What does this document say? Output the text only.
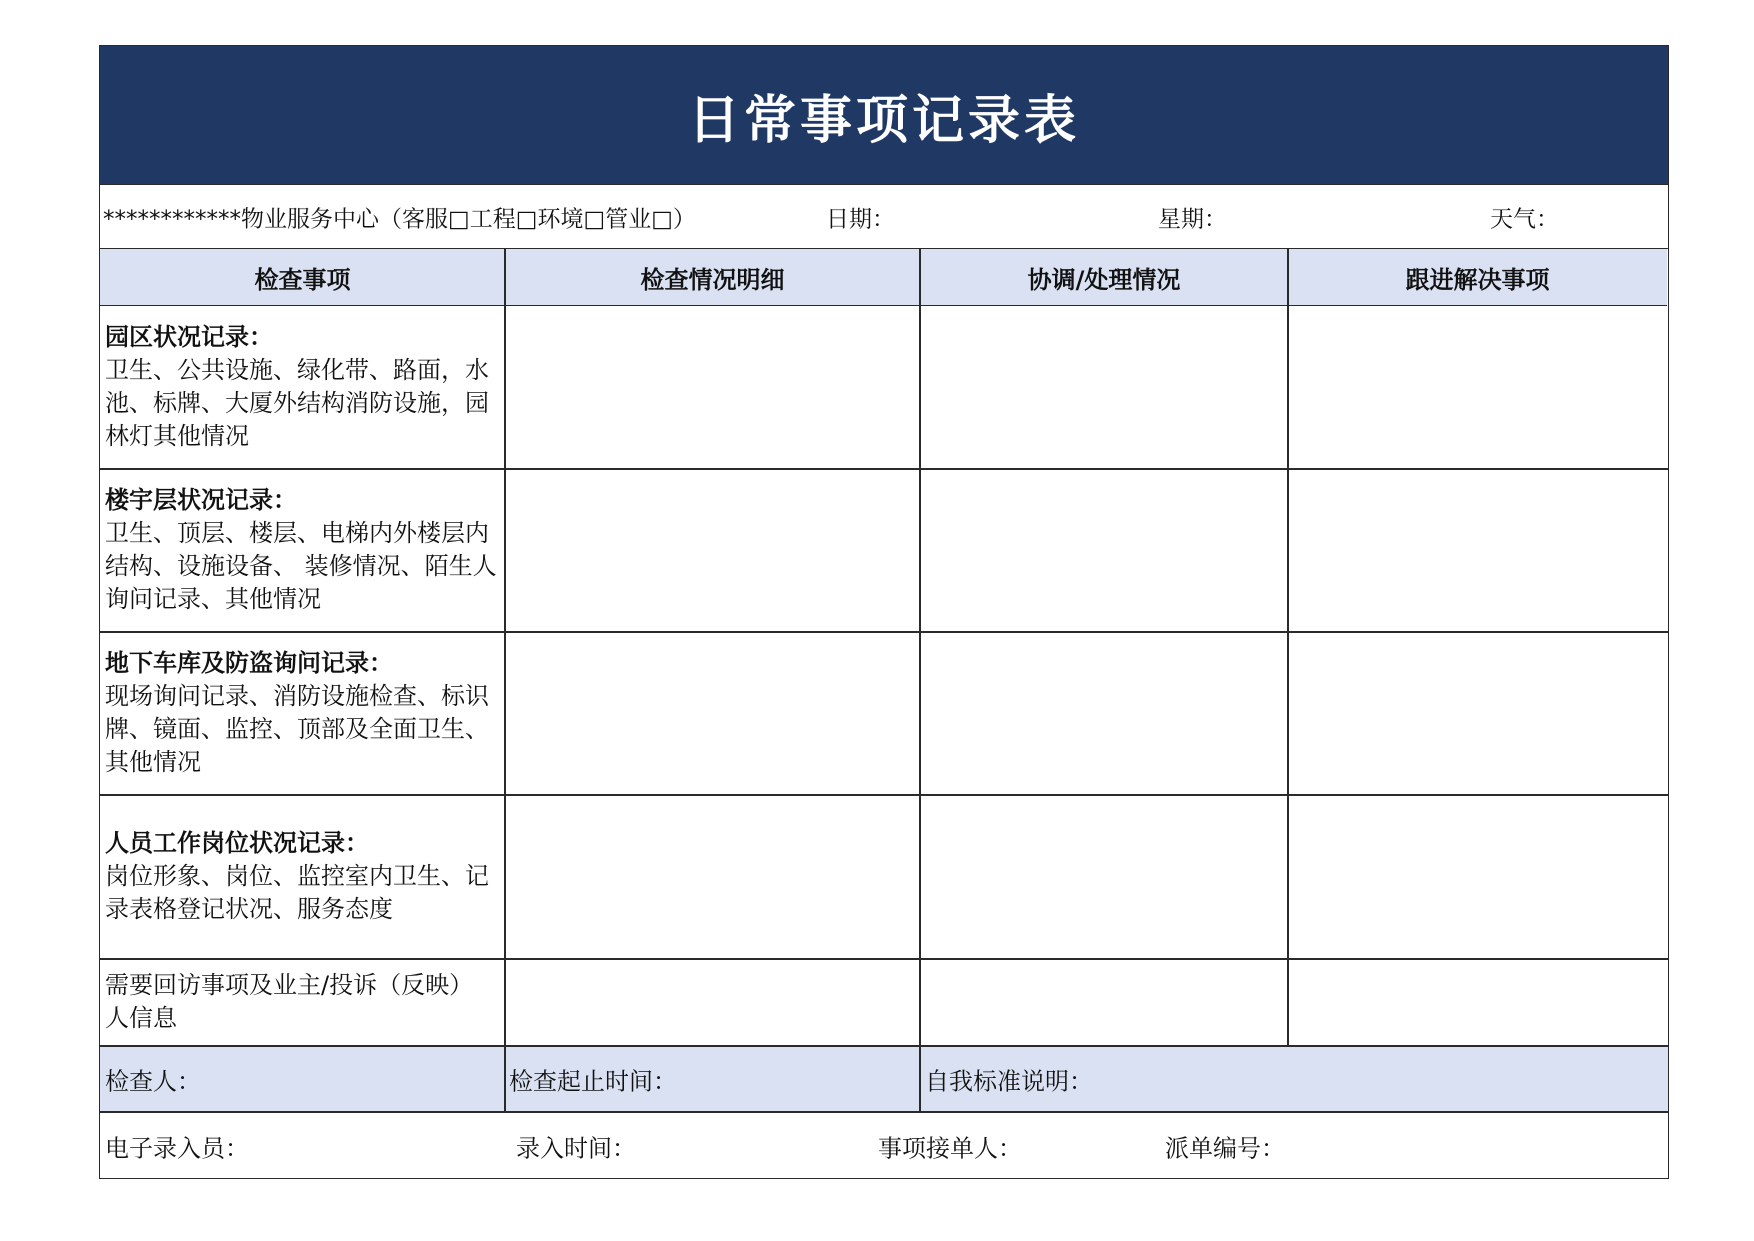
日常事项记录表
************物业服务中心（客服□工程□环境□管业□）	日期：	星期：	天气：
检查事项	检查情况明细	协调/处理情况	跟进解决事项
园区状况记录：
卫生、公共设施、绿化带、路面，水池、标牌、大厦外结构消防设施，园林灯其他情况
楼宇层状况记录：
卫生、顶层、楼层、电梯内外楼层内结构、设施设备、 装修情况、陌生人询问记录、其他情况
地下车库及防盗询问记录：
现场询问记录、消防设施检查、标识牌、镜面、监控、顶部及全面卫生、其他情况
人员工作岗位状况记录：
岗位形象、岗位、监控室内卫生、记录表格登记状况、服务态度
需要回访事项及业主/投诉（反映）人信息
检查人：	检查起止时间：	自我标准说明：
电子录入员：	录入时间：	事项接单人：	派单编号：
